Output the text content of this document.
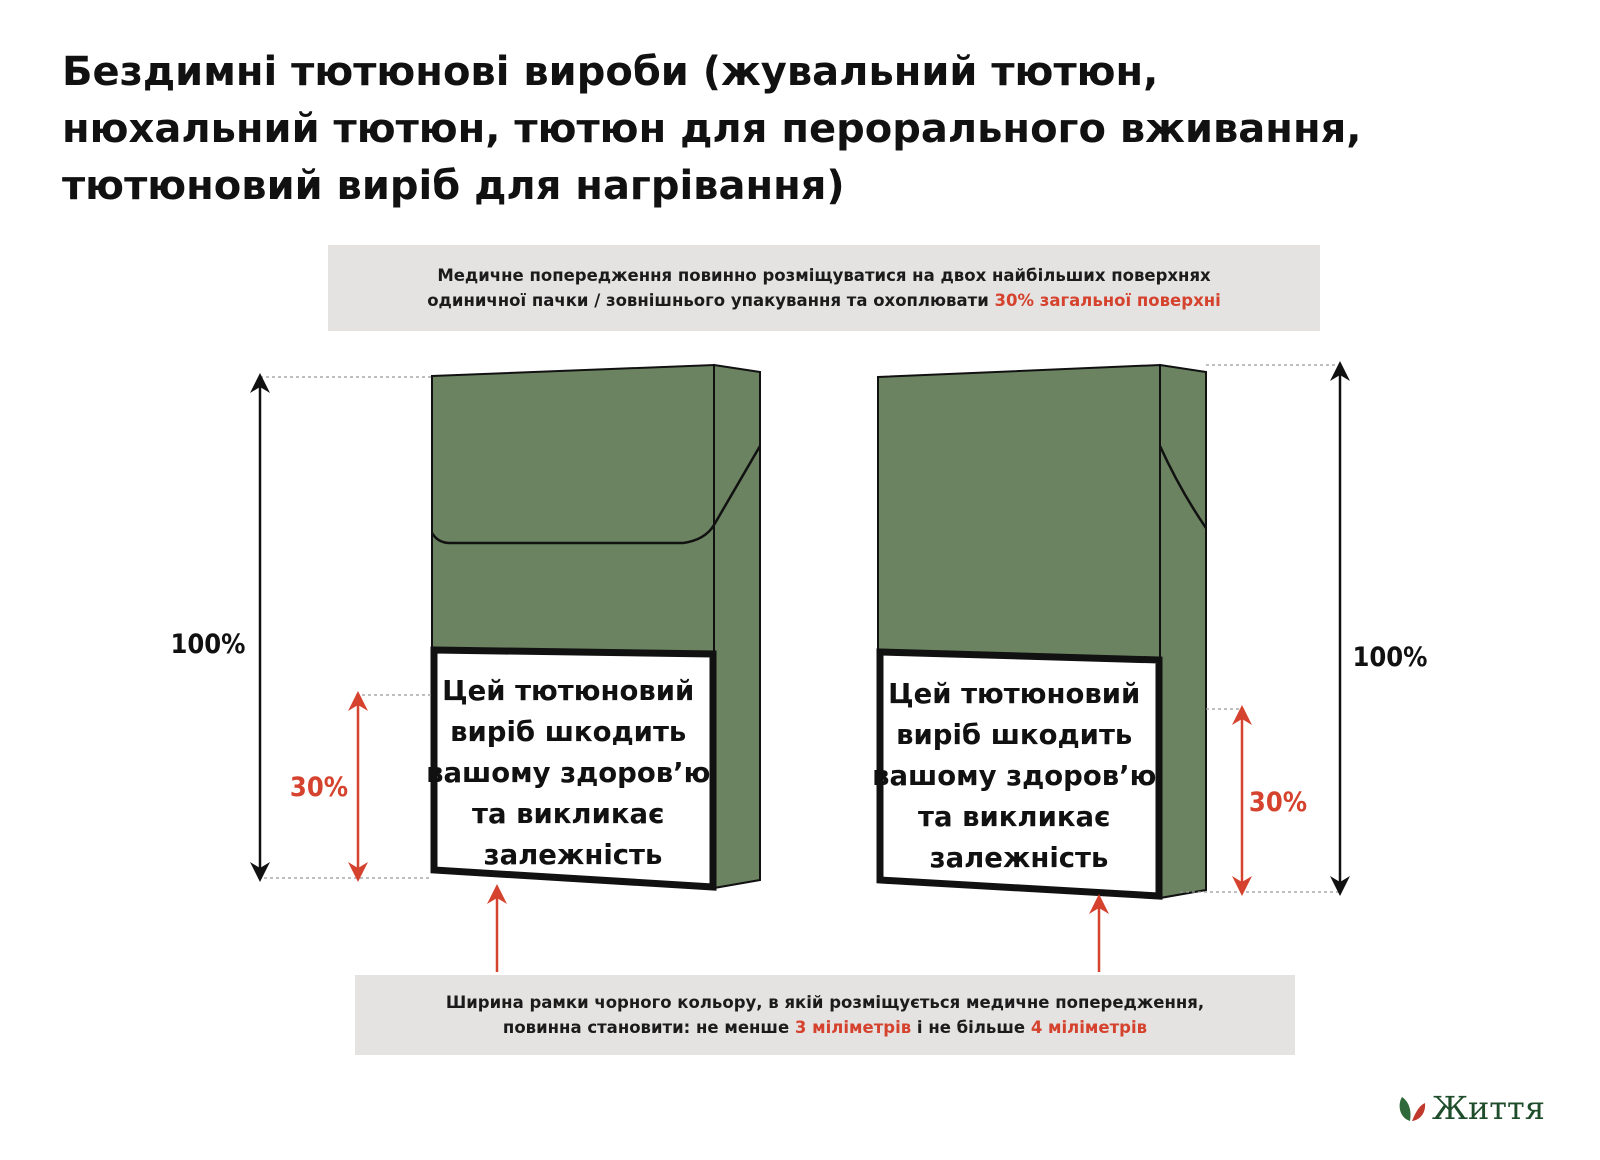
Бездимні тютюнові вироби (жувальний тютюн,
нюхальний тютюн, тютюн для перорального вживання,
тютюновий виріб для нагрівання)
Медичне попередження повинно розміщуватися на двох найбільших поверхнях
одиничної пачки / зовнішнього упакування та охоплювати 30% загальної поверхні
Цей тютюновий виріб шкодить вашому здоров’ю та викликає залежність
100%
30%
Цей тютюновий виріб шкодить вашому здоров’ю та викликає залежність
100%
30%
Ширина рамки чорного кольору, в якій розміщується медичне попередження,
повинна становити: не менше 3 міліметрів і не більше 4 міліметрів
Життя
